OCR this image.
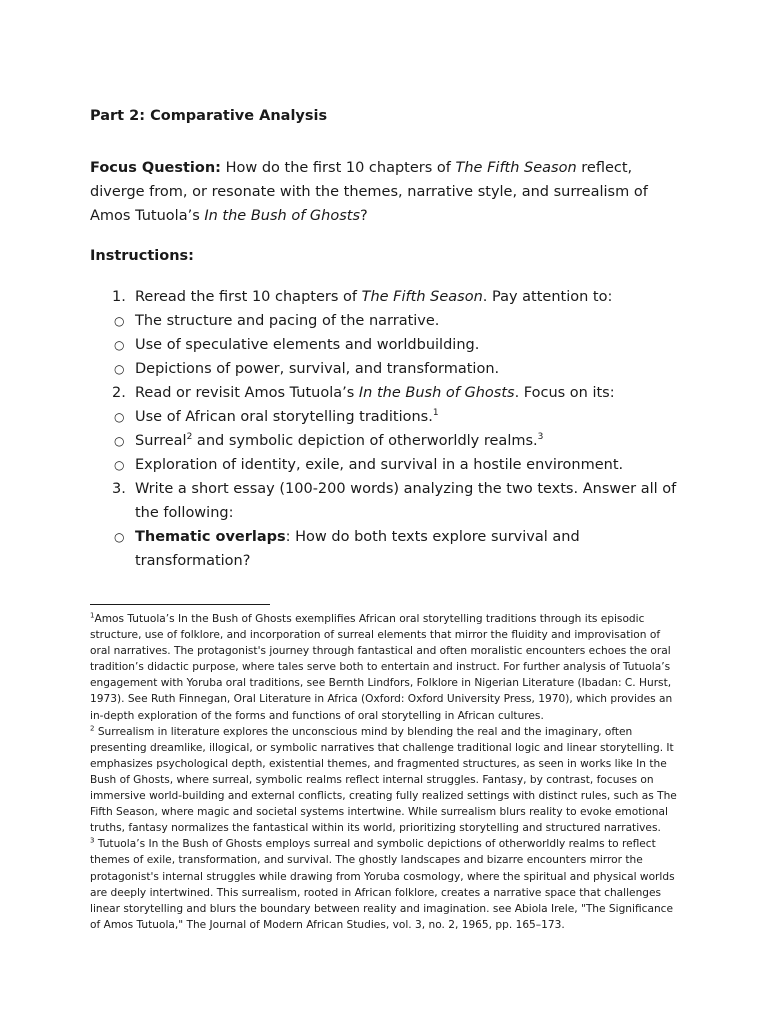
Part 2: Comparative Analysis
Focus Question: How do the first 10 chapters of The Fifth Season reflect, diverge from, or resonate with the themes, narrative style, and surrealism of Amos Tutuola’s In the Bush of Ghosts?
Instructions:
1. Reread the first 10 chapters of The Fifth Season. Pay attention to:
○ The structure and pacing of the narrative.
○ Use of speculative elements and worldbuilding.
○ Depictions of power, survival, and transformation.
2. Read or revisit Amos Tutuola’s In the Bush of Ghosts. Focus on its:
○ Use of African oral storytelling traditions.$^1$
○ Surreal$^2$ and symbolic depiction of otherworldly realms.$^3$
○ Exploration of identity, exile, and survival in a hostile environment.
3. Write a short essay (100-200 words) analyzing the two texts. Answer all of the following:
○ Thematic overlaps: How do both texts explore survival and transformation?

$^1$Amos Tutuola’s In the Bush of Ghosts exemplifies African oral storytelling traditions through its episodic structure, use of folklore, and incorporation of surreal elements that mirror the fluidity and improvisation of oral narratives. The protagonist's journey through fantastical and often moralistic encounters echoes the oral tradition’s didactic purpose, where tales serve both to entertain and instruct. For further analysis of Tutuola’s engagement with Yoruba oral traditions, see Bernth Lindfors, Folklore in Nigerian Literature (Ibadan: C. Hurst, 1973). See Ruth Finnegan, Oral Literature in Africa (Oxford: Oxford University Press, 1970), which provides an in-depth exploration of the forms and functions of oral storytelling in African cultures.

$^2$ Surrealism in literature explores the unconscious mind by blending the real and the imaginary, often presenting dreamlike, illogical, or symbolic narratives that challenge traditional logic and linear storytelling. It emphasizes psychological depth, existential themes, and fragmented structures, as seen in works like In the Bush of Ghosts, where surreal, symbolic realms reflect internal struggles. Fantasy, by contrast, focuses on immersive world-building and external conflicts, creating fully realized settings with distinct rules, such as The Fifth Season, where magic and societal systems intertwine. While surrealism blurs reality to evoke emotional truths, fantasy normalizes the fantastical within its world, prioritizing storytelling and structured narratives.

$^3$ Tutuola’s In the Bush of Ghosts employs surreal and symbolic depictions of otherworldly realms to reflect themes of exile, transformation, and survival. The ghostly landscapes and bizarre encounters mirror the protagonist's internal struggles while drawing from Yoruba cosmology, where the spiritual and physical worlds are deeply intertwined. This surrealism, rooted in African folklore, creates a narrative space that challenges linear storytelling and blurs the boundary between reality and imagination. see Abiola Irele, "The Significance of Amos Tutuola," The Journal of Modern African Studies, vol. 3, no. 2, 1965, pp. 165–173.
